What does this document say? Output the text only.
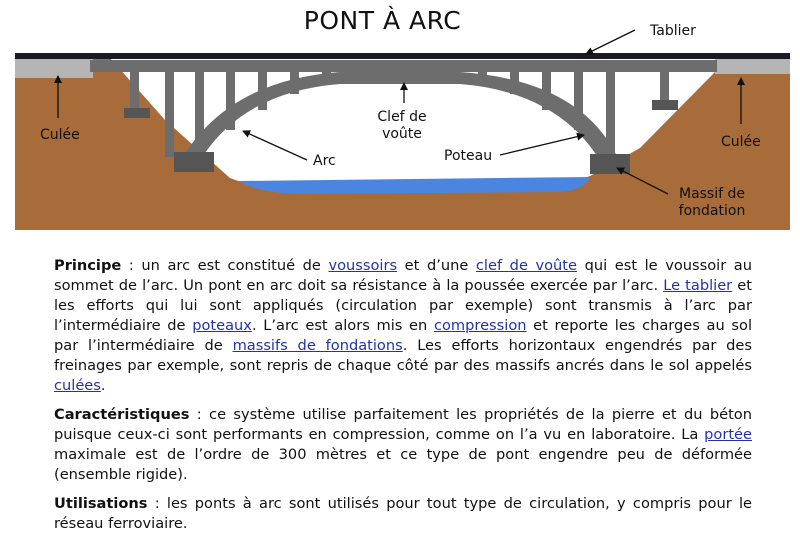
PONT À ARC	Tablier
Culée	Culée
Clef de
voûte
Arc	Poteau
Massif de
fondation

Principe : un arc est constitué de voussoirs et d’une clef de voûte qui est le voussoir au sommet de l’arc. Un pont en arc doit sa résistance à la poussée exercée par l’arc. Le tablier et les efforts qui lui sont appliqués (circulation par exemple) sont transmis à l’arc par l’intermédiaire de poteaux. L’arc est alors mis en compression et reporte les charges au sol par l’intermédiaire de massifs de fondations. Les efforts horizontaux engendrés par des freinages par exemple, sont repris de chaque côté par des massifs ancrés dans le sol appelés culées.

Caractéristiques : ce système utilise parfaitement les propriétés de la pierre et du béton puisque ceux-ci sont performants en compression, comme on l’a vu en laboratoire. La portée maximale est de l’ordre de 300 mètres et ce type de pont engendre peu de déformée (ensemble rigide).

Utilisations : les ponts à arc sont utilisés pour tout type de circulation, y compris pour le réseau ferroviaire.
